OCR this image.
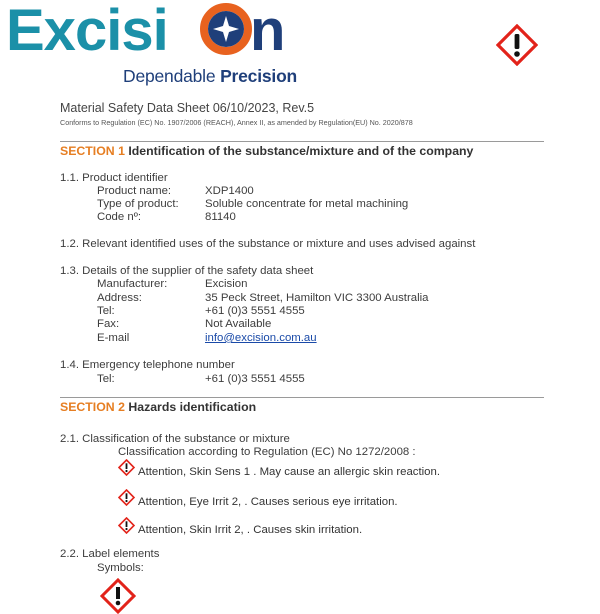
Excisi n
Dependable Precision
Material Safety Data Sheet 06/10/2023, Rev.5
Conforms to Regulation (EC) No. 1907/2006 (REACH), Annex II, as amended by Regulation(EU) No. 2020/878
SECTION 1 Identification of the substance/mixture and of the company
1.1. Product identifier
Product name:	XDP1400
Type of product: Soluble concentrate for metal machining
Code nº:	81140
1.2. Relevant identified uses of the substance or mixture and uses advised against
1.3. Details of the supplier of the safety data sheet
Manufacturer:	Excision
Address:	35 Peck Street, Hamilton VIC 3300 Australia
Tel:	+61 (0)3 5551 4555
Fax:	Not Available
E-mail	info@excision.com.au
1.4. Emergency telephone number
Tel:	+61 (0)3 5551 4555
SECTION 2 Hazards identification
2.1. Classification of the substance or mixture
Classification according to Regulation (EC) No 1272/2008 :
Attention, Skin Sens 1 . May cause an allergic skin reaction.
Attention, Eye Irrit 2, . Causes serious eye irritation.
Attention, Skin Irrit 2, . Causes skin irritation.
2.2. Label elements
Symbols:
